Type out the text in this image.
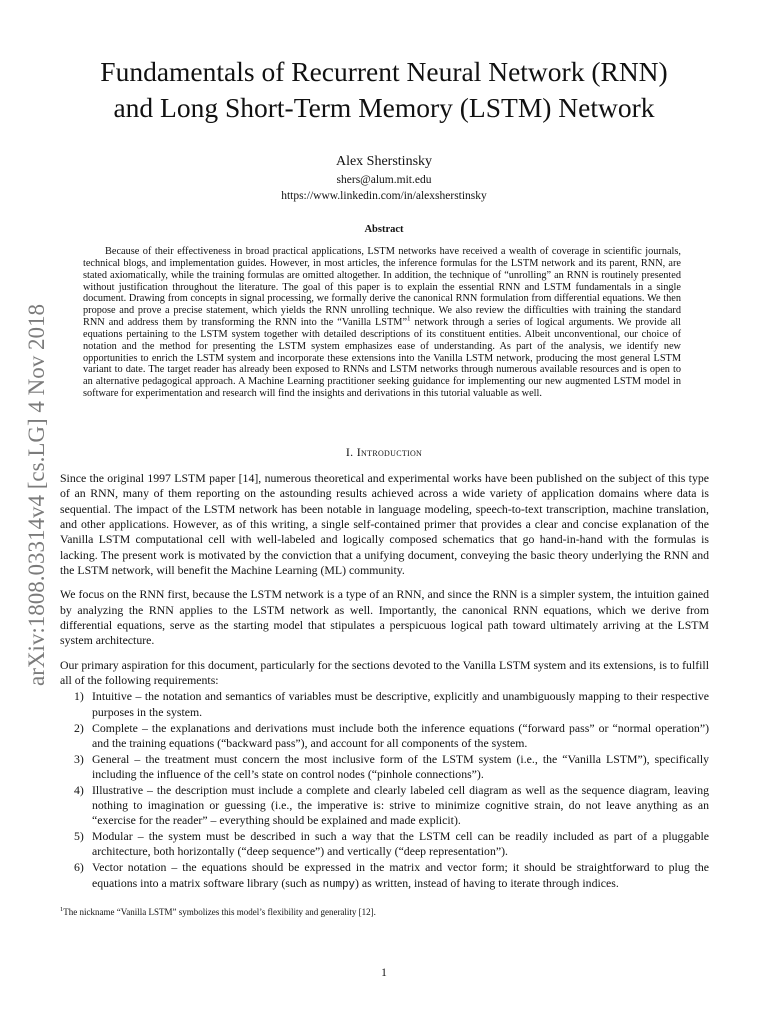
arXiv:1808.03314v4 [cs.LG] 4 Nov 2018
Fundamentals of Recurrent Neural Network (RNN)
and Long Short-Term Memory (LSTM) Network
Alex Sherstinsky
shers@alum.mit.edu
https://www.linkedin.com/in/alexsherstinsky
Abstract

Because of their effectiveness in broad practical applications, LSTM networks have received a wealth of coverage in scientific journals, technical blogs, and implementation guides. However, in most articles, the inference formulas for the LSTM network and its parent, RNN, are stated axiomatically, while the training formulas are omitted altogether. In addition, the technique of “unrolling” an RNN is routinely presented without justification throughout the literature. The goal of this paper is to explain the essential RNN and LSTM fundamentals in a single document. Drawing from concepts in signal processing, we formally derive the canonical RNN formulation from differential equations. We then propose and prove a precise statement, which yields the RNN unrolling technique. We also review the difficulties with training the standard RNN and address them by transforming the RNN into the “Vanilla LSTM”$^1$ network through a series of logical arguments. We provide all equations pertaining to the LSTM system together with detailed descriptions of its constituent entities. Albeit unconventional, our choice of notation and the method for presenting the LSTM system emphasizes ease of understanding. As part of the analysis, we identify new opportunities to enrich the LSTM system and incorporate these extensions into the Vanilla LSTM network, producing the most general LSTM variant to date. The target reader has already been exposed to RNNs and LSTM networks through numerous available resources and is open to an alternative pedagogical approach. A Machine Learning practitioner seeking guidance for implementing our new augmented LSTM model in software for experimentation and research will find the insights and derivations in this tutorial valuable as well.

I. Introduction

Since the original 1997 LSTM paper [14], numerous theoretical and experimental works have been published on the subject of this type of an RNN, many of them reporting on the astounding results achieved across a wide variety of application domains where data is sequential. The impact of the LSTM network has been notable in language modeling, speech-to-text transcription, machine translation, and other applications. However, as of this writing, a single self-contained primer that provides a clear and concise explanation of the Vanilla LSTM computational cell with well-labeled and logically composed schematics that go hand-in-hand with the formulas is lacking. The present work is motivated by the conviction that a unifying document, conveying the basic theory underlying the RNN and the LSTM network, will benefit the Machine Learning (ML) community.

We focus on the RNN first, because the LSTM network is a type of an RNN, and since the RNN is a simpler system, the intuition gained by analyzing the RNN applies to the LSTM network as well. Importantly, the canonical RNN equations, which we derive from differential equations, serve as the starting model that stipulates a perspicuous logical path toward ultimately arriving at the LSTM system architecture.

Our primary aspiration for this document, particularly for the sections devoted to the Vanilla LSTM system and its extensions, is to fulfill all of the following requirements:

1) Intuitive – the notation and semantics of variables must be descriptive, explicitly and unambiguously mapping to their respective purposes in the system.
2) Complete – the explanations and derivations must include both the inference equations (“forward pass” or “normal operation”) and the training equations (“backward pass”), and account for all components of the system.
3) General – the treatment must concern the most inclusive form of the LSTM system (i.e., the “Vanilla LSTM”), specifically including the influence of the cell’s state on control nodes (“pinhole connections”).
4) Illustrative – the description must include a complete and clearly labeled cell diagram as well as the sequence diagram, leaving nothing to imagination or guessing (i.e., the imperative is: strive to minimize cognitive strain, do not leave anything as an “exercise for the reader” – everything should be explained and made explicit).
5) Modular – the system must be described in such a way that the LSTM cell can be readily included as part of a pluggable architecture, both horizontally (“deep sequence”) and vertically (“deep representation”).
6) Vector notation – the equations should be expressed in the matrix and vector form; it should be straightforward to plug the equations into a matrix software library (such as numpy) as written, instead of having to iterate through indices.
$^1$The nickname “Vanilla LSTM” symbolizes this model’s flexibility and generality [12].
1
